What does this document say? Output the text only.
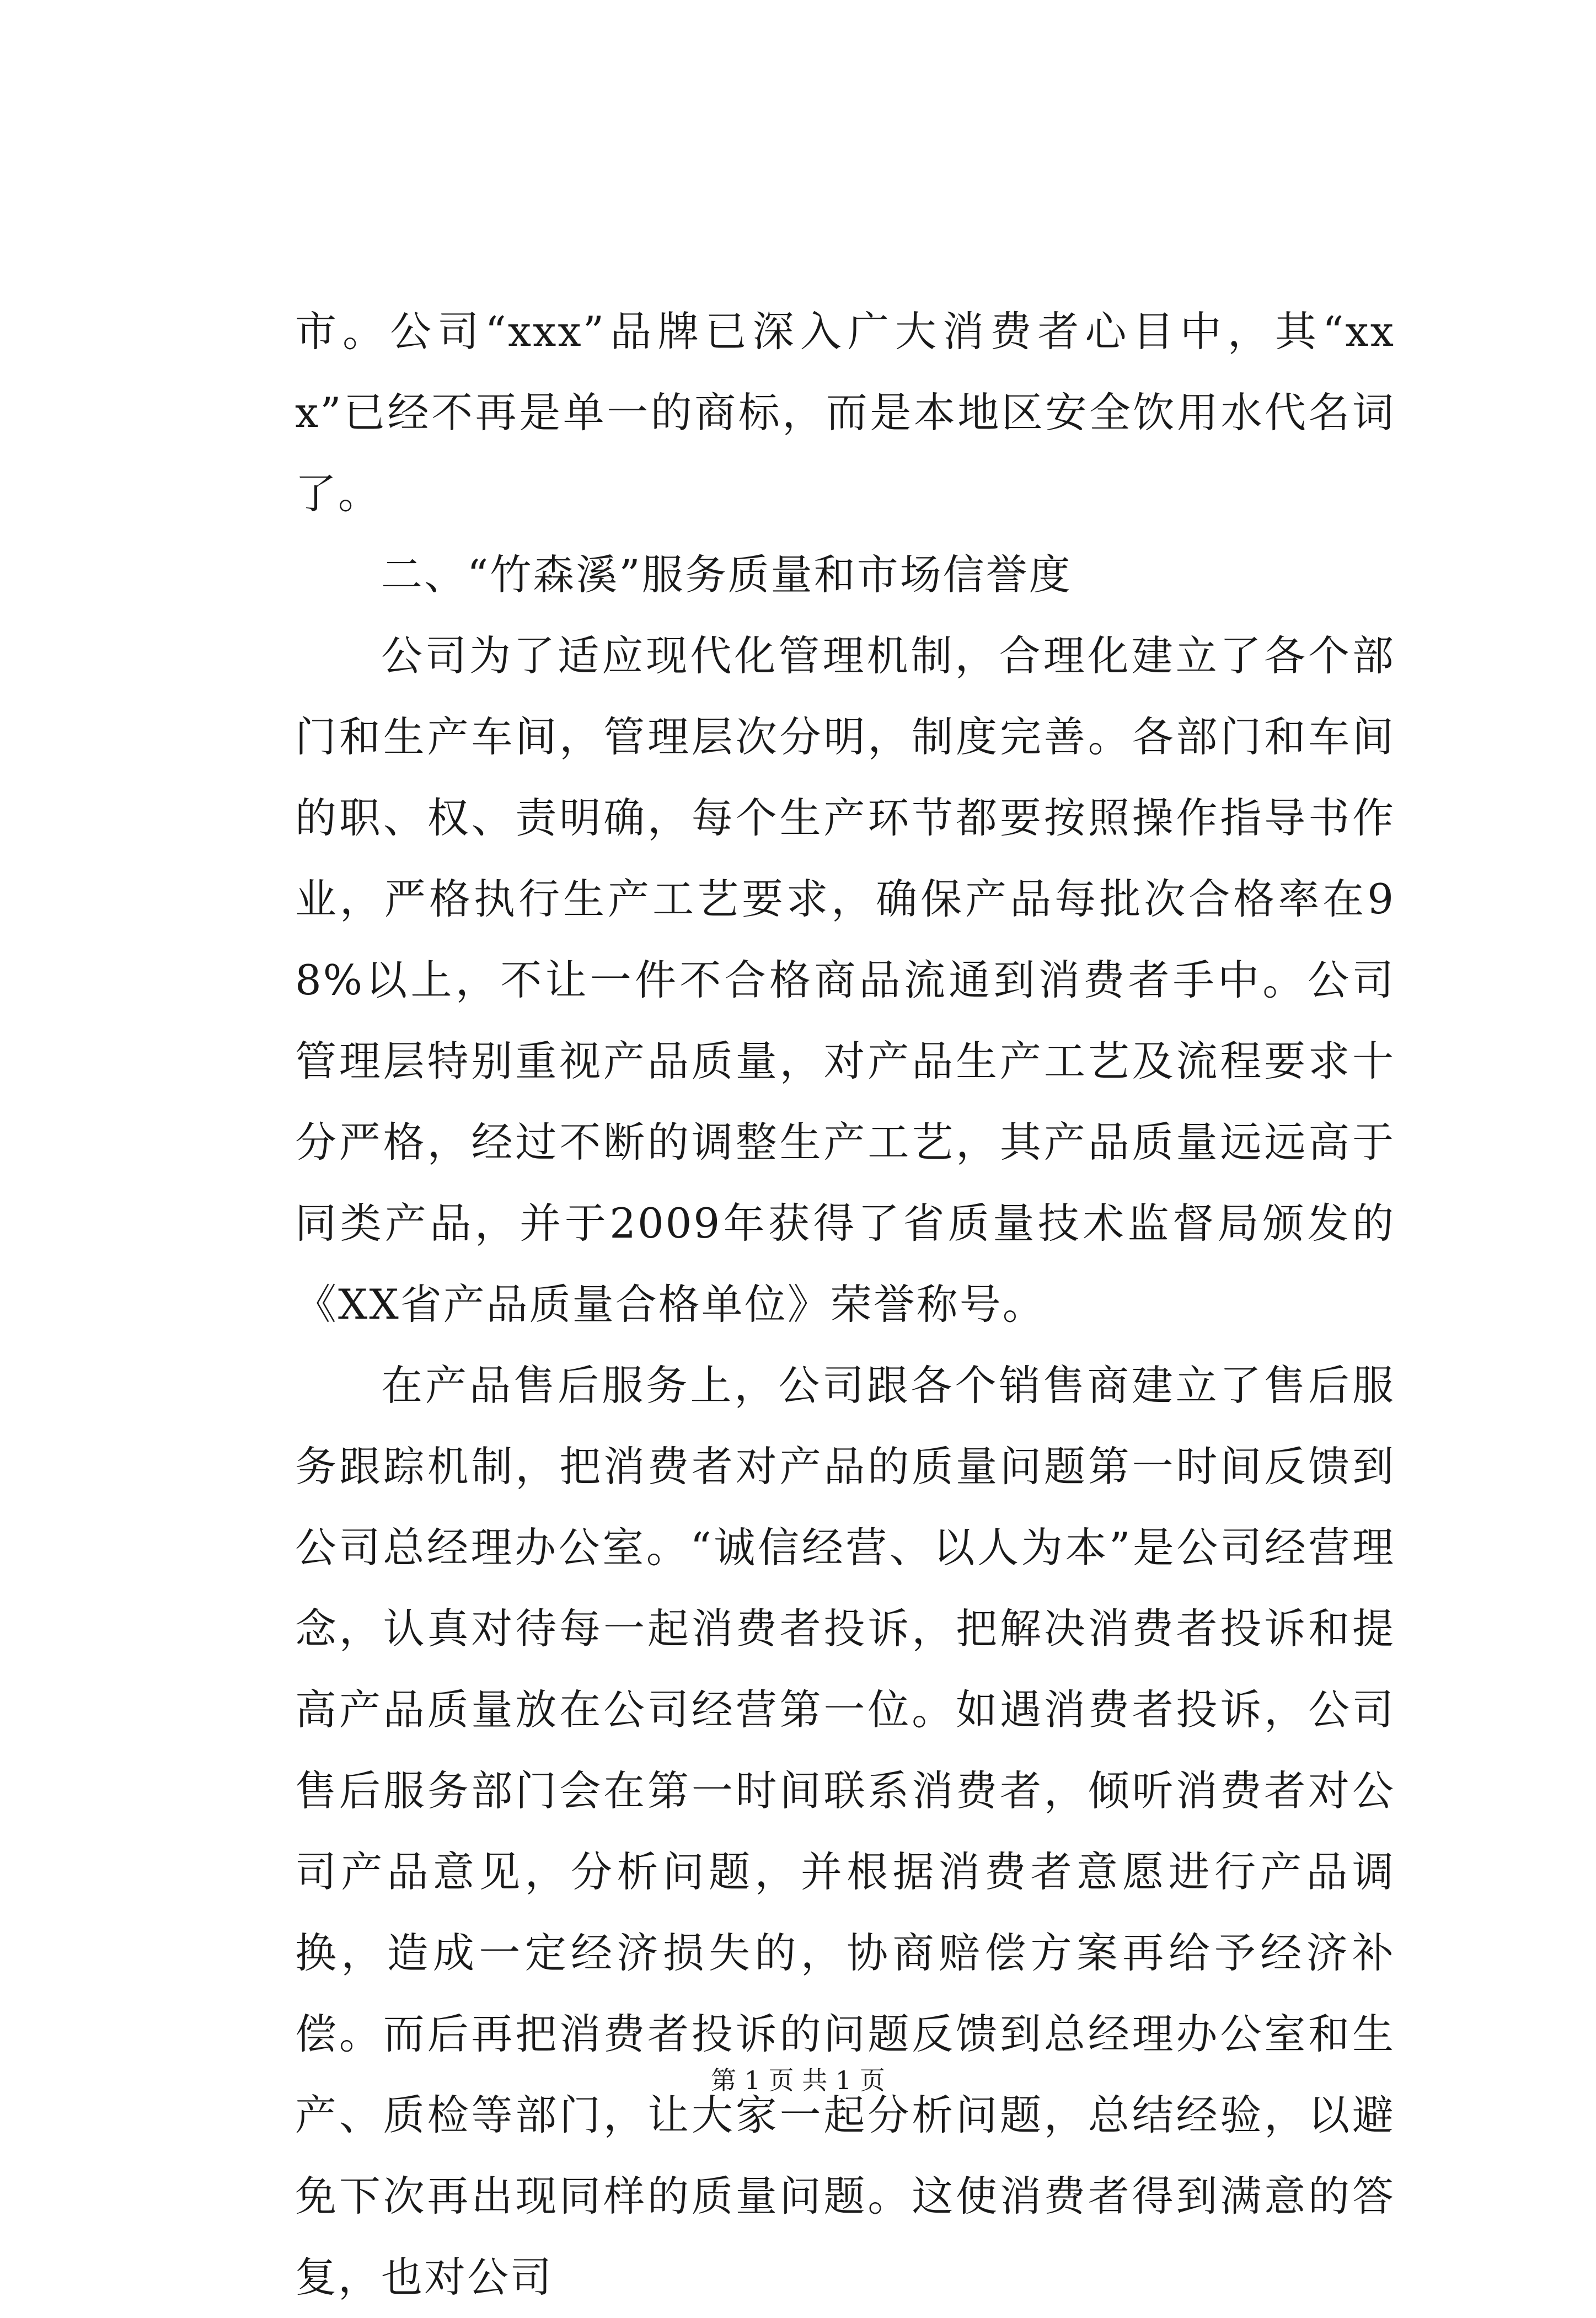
市。公司“xxx”品牌已深入广大消费者心目中，其“xxx”已经不再是单一的商标，而是本地区安全饮用水代名词了。

二、“竹森溪”服务质量和市场信誉度

公司为了适应现代化管理机制，合理化建立了各个部门和生产车间，管理层次分明，制度完善。各部门和车间的职、权、责明确，每个生产环节都要按照操作指导书作业，严格执行生产工艺要求，确保产品每批次合格率在98%以上，不让一件不合格商品流通到消费者手中。公司管理层特别重视产品质量，对产品生产工艺及流程要求十分严格，经过不断的调整生产工艺，其产品质量远远高于同类产品，并于2009年获得了省质量技术监督局颁发的《XX省产品质量合格单位》荣誉称号。

在产品售后服务上，公司跟各个销售商建立了售后服务跟踪机制，把消费者对产品的质量问题第一时间反馈到公司总经理办公室。“诚信经营、以人为本”是公司经营理念，认真对待每一起消费者投诉，把解决消费者投诉和提高产品质量放在公司经营第一位。如遇消费者投诉，公司售后服务部门会在第一时间联系消费者，倾听消费者对公司产品意见，分析问题，并根据消费者意愿进行产品调换，造成一定经济损失的，协商赔偿方案再给予经济补偿。而后再把消费者投诉的问题反馈到总经理办公室和生产、质检等部门，让大家一起分析问题，总结经验，以避免下次再出现同样的质量问题。这使消费者得到满意的答复，也对公司

第 1 页 共 1 页
